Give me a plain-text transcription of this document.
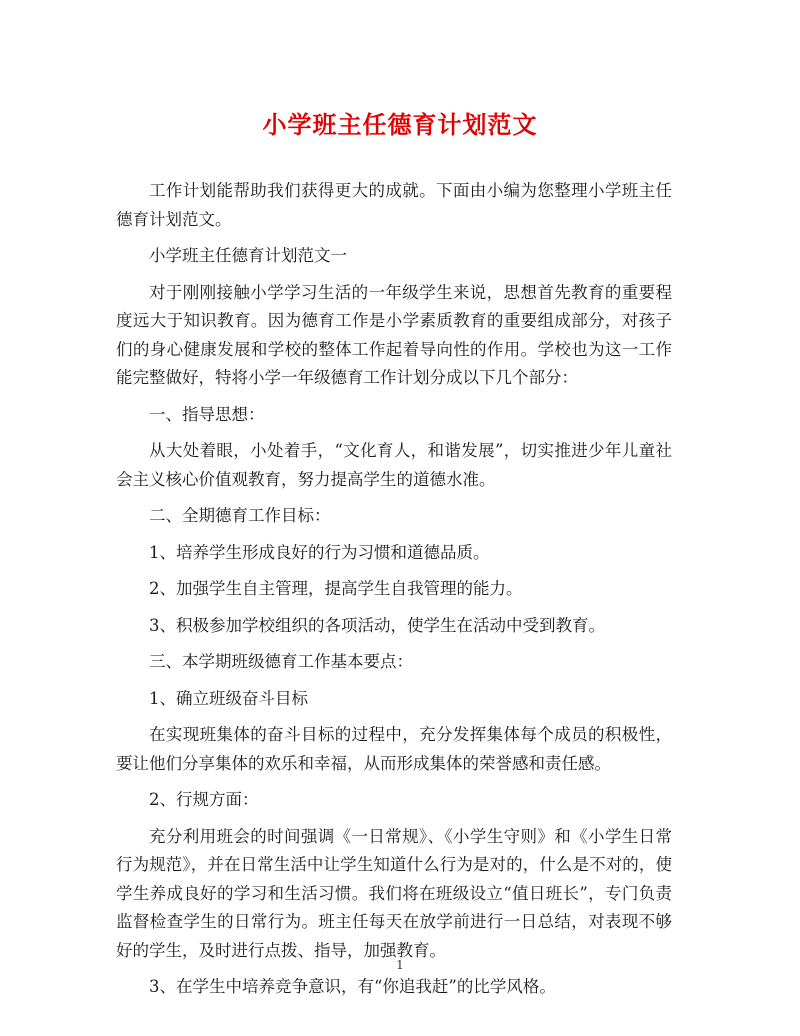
小学班主任德育计划范文

工作计划能帮助我们获得更大的成就。下面由小编为您整理小学班主任德育计划范文。

小学班主任德育计划范文一

对于刚刚接触小学学习生活的一年级学生来说，思想首先教育的重要程度远大于知识教育。因为德育工作是小学素质教育的重要组成部分，对孩子们的身心健康发展和学校的整体工作起着导向性的作用。学校也为这一工作能完整做好，特将小学一年级德育工作计划分成以下几个部分：

一、指导思想：

从大处着眼，小处着手，“文化育人，和谐发展”，切实推进少年儿童社会主义核心价值观教育，努力提高学生的道德水准。

二、全期德育工作目标：

1、培养学生形成良好的行为习惯和道德品质。

2、加强学生自主管理，提高学生自我管理的能力。

3、积极参加学校组织的各项活动，使学生在活动中受到教育。

三、本学期班级德育工作基本要点：

1、确立班级奋斗目标

在实现班集体的奋斗目标的过程中，充分发挥集体每个成员的积极性，要让他们分享集体的欢乐和幸福，从而形成集体的荣誉感和责任感。

2、行规方面：

充分利用班会的时间强调《一日常规》、《小学生守则》和《小学生日常行为规范》，并在日常生活中让学生知道什么行为是对的，什么是不对的，使学生养成良好的学习和生活习惯。我们将在班级设立“值日班长”，专门负责监督检查学生的日常行为。班主任每天在放学前进行一日总结，对表现不够好的学生，及时进行点拨、指导，加强教育。

3、在学生中培养竞争意识，有“你追我赶”的比学风格。

1
